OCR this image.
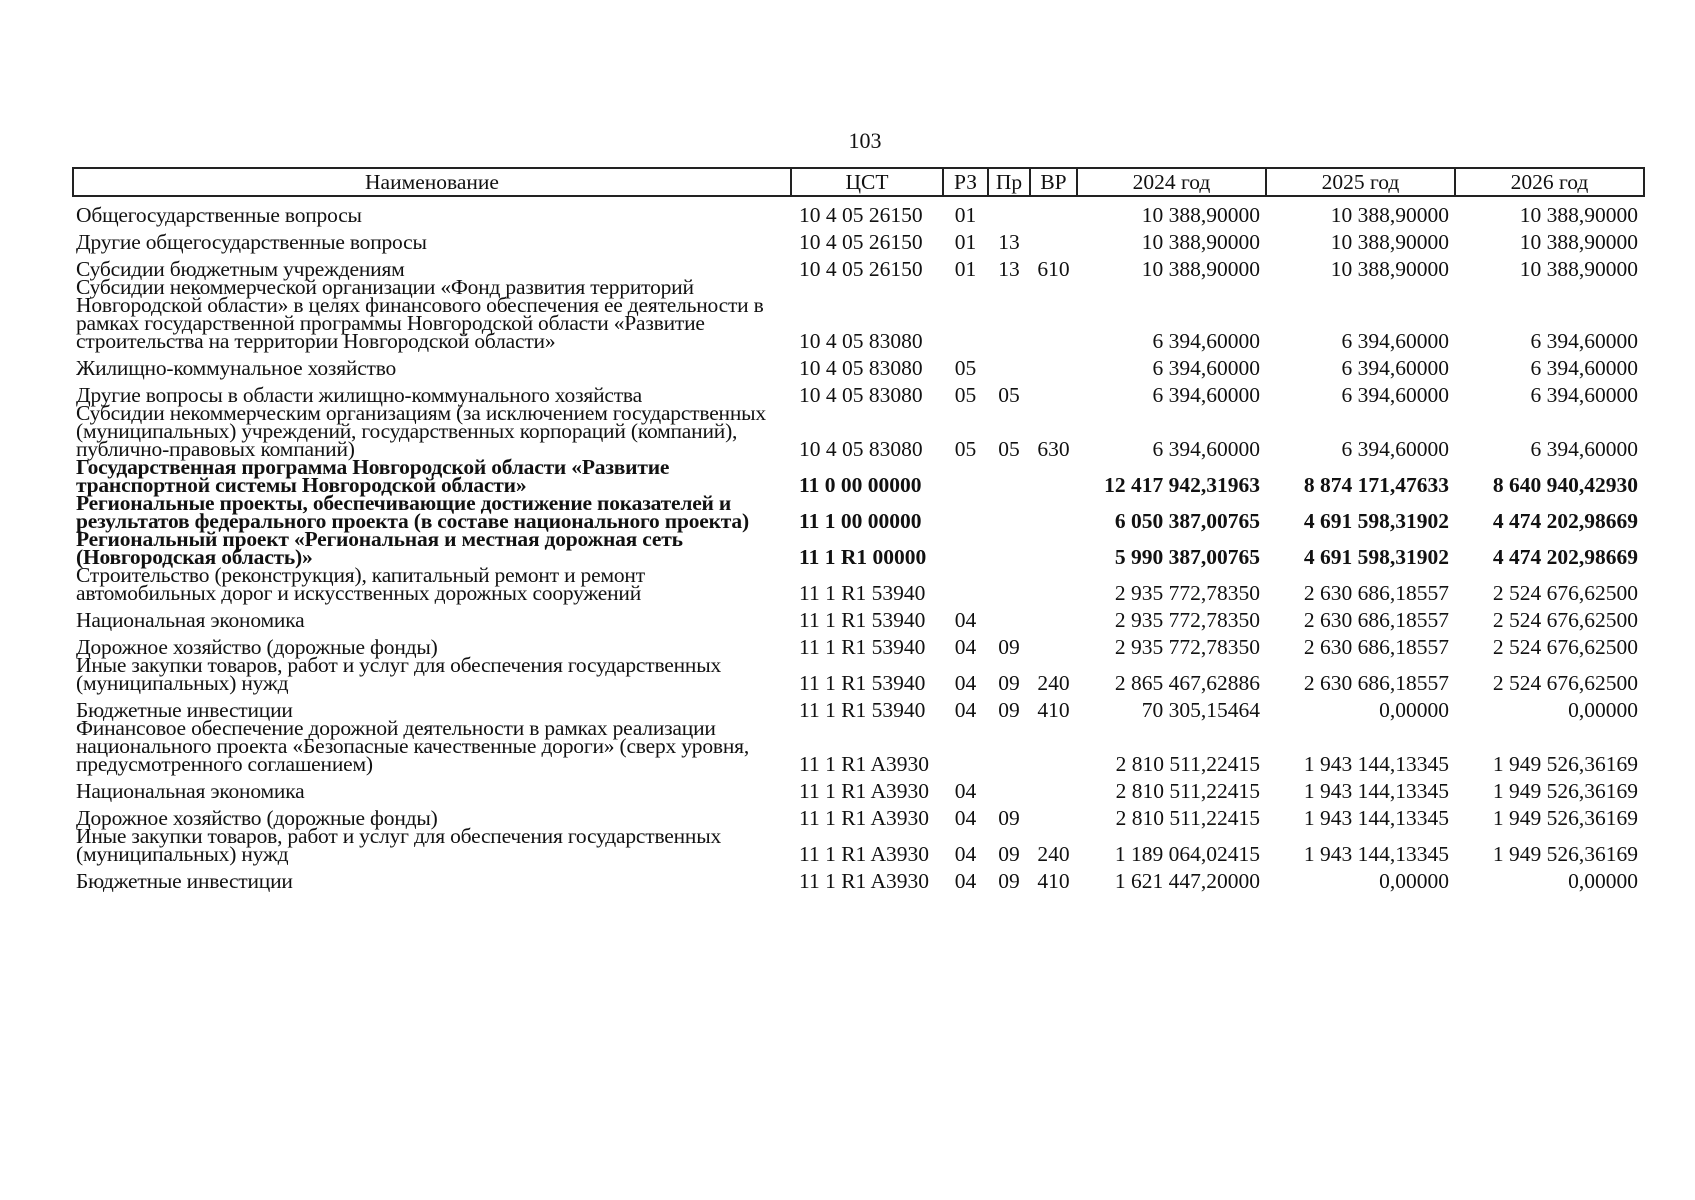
103
Наименование	ЦСТ	РЗ	Пр	ВР	2024 год	2025 год	2026 год
Общегосударственные вопросы	10 4 05 26150	01			10 388,90000	10 388,90000	10 388,90000
Другие общегосударственные вопросы	10 4 05 26150	01	13		10 388,90000	10 388,90000	10 388,90000
Субсидии бюджетным учреждениям	10 4 05 26150	01	13	610	10 388,90000	10 388,90000	10 388,90000
Субсидии некоммерческой организации «Фонд развития территорий Новгородской области» в целях финансового обеспечения ее деятельности в рамках государственной программы Новгородской области «Развитие строительства на территории Новгородской области»	10 4 05 83080				6 394,60000	6 394,60000	6 394,60000
Жилищно-коммунальное хозяйство	10 4 05 83080	05			6 394,60000	6 394,60000	6 394,60000
Другие вопросы в области жилищно-коммунального хозяйства	10 4 05 83080	05	05		6 394,60000	6 394,60000	6 394,60000
Субсидии некоммерческим организациям (за исключением государственных (муниципальных) учреждений, государственных корпораций (компаний), публично-правовых компаний)	10 4 05 83080	05	05	630	6 394,60000	6 394,60000	6 394,60000
Государственная программа Новгородской области «Развитие транспортной системы Новгородской области»	11 0 00 00000				12 417 942,31963	8 874 171,47633	8 640 940,42930
Региональные проекты, обеспечивающие достижение показателей и результатов федерального проекта (в составе национального проекта)	11 1 00 00000				6 050 387,00765	4 691 598,31902	4 474 202,98669
Региональный проект «Региональная и местная дорожная сеть (Новгородская область)»	11 1 R1 00000				5 990 387,00765	4 691 598,31902	4 474 202,98669
Строительство (реконструкция), капитальный ремонт и ремонт автомобильных дорог и искусственных дорожных сооружений	11 1 R1 53940				2 935 772,78350	2 630 686,18557	2 524 676,62500
Национальная экономика	11 1 R1 53940	04			2 935 772,78350	2 630 686,18557	2 524 676,62500
Дорожное хозяйство (дорожные фонды)	11 1 R1 53940	04	09		2 935 772,78350	2 630 686,18557	2 524 676,62500
Иные закупки товаров, работ и услуг для обеспечения государственных (муниципальных) нужд	11 1 R1 53940	04	09	240	2 865 467,62886	2 630 686,18557	2 524 676,62500
Бюджетные инвестиции	11 1 R1 53940	04	09	410	70 305,15464	0,00000	0,00000
Финансовое обеспечение дорожной деятельности в рамках реализации национального проекта «Безопасные качественные дороги» (сверх уровня, предусмотренного соглашением)	11 1 R1 A3930				2 810 511,22415	1 943 144,13345	1 949 526,36169
Национальная экономика	11 1 R1 A3930	04			2 810 511,22415	1 943 144,13345	1 949 526,36169
Дорожное хозяйство (дорожные фонды)	11 1 R1 A3930	04	09		2 810 511,22415	1 943 144,13345	1 949 526,36169
Иные закупки товаров, работ и услуг для обеспечения государственных (муниципальных) нужд	11 1 R1 A3930	04	09	240	1 189 064,02415	1 943 144,13345	1 949 526,36169
Бюджетные инвестиции	11 1 R1 A3930	04	09	410	1 621 447,20000	0,00000	0,00000
